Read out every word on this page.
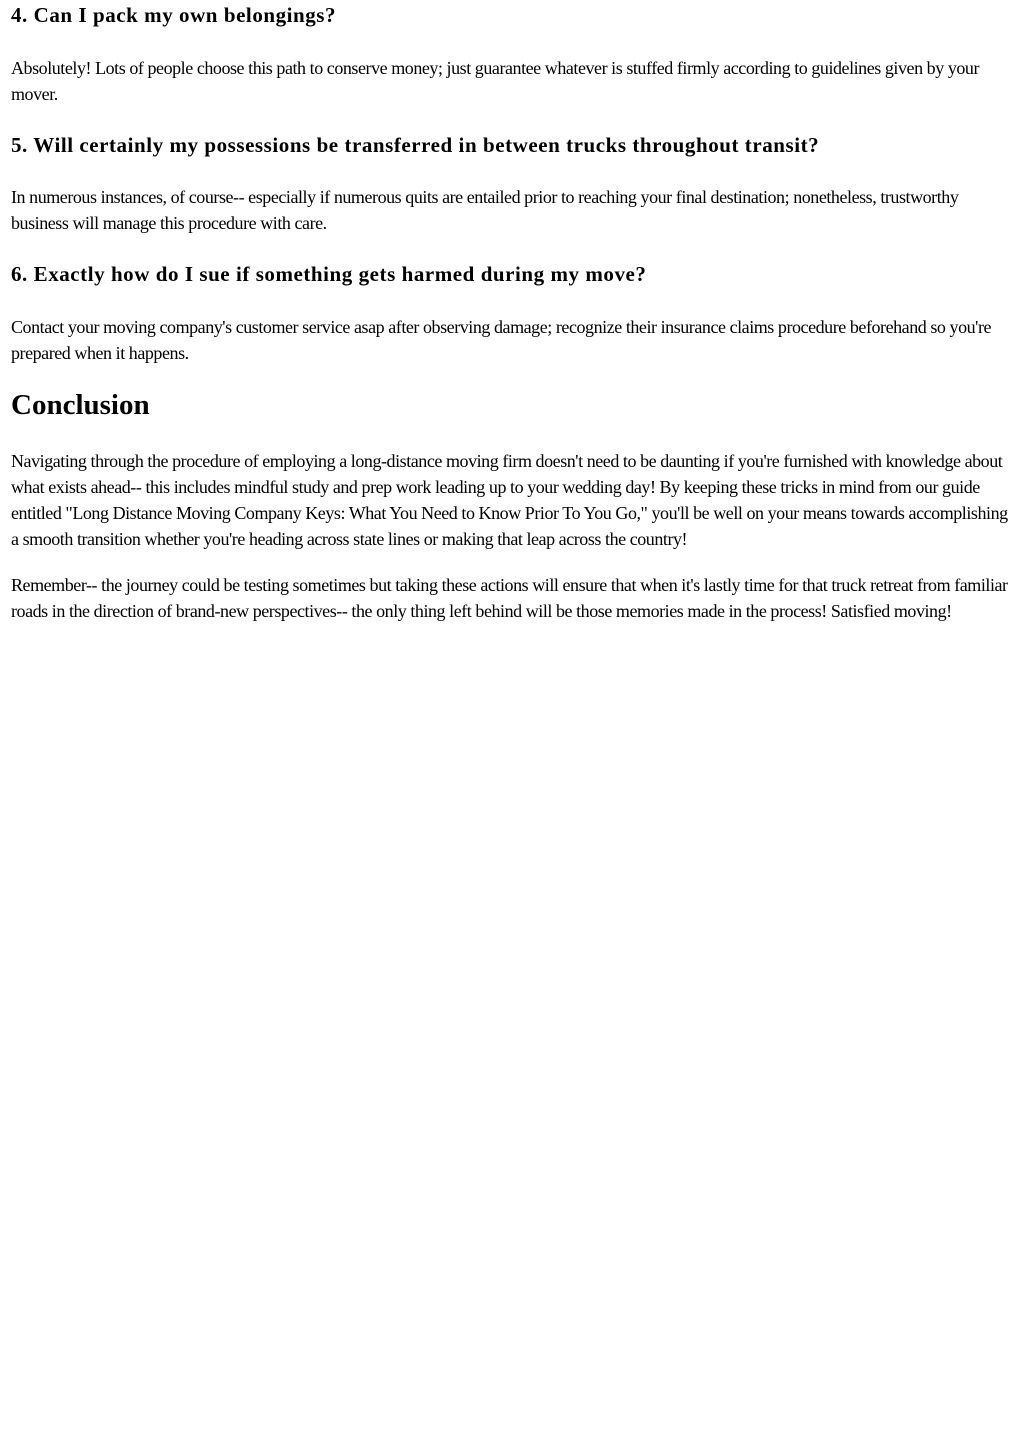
4. Can I pack my own belongings?

Absolutely! Lots of people choose this path to conserve money; just guarantee whatever is stuffed firmly according to guidelines given by your mover.

5. Will certainly my possessions be transferred in between trucks throughout transit?

In numerous instances, of course-- especially if numerous quits are entailed prior to reaching your final destination; nonetheless, trustworthy business will manage this procedure with care.

6. Exactly how do I sue if something gets harmed during my move?

Contact your moving company's customer service asap after observing damage; recognize their insurance claims procedure beforehand so you're prepared when it happens.

Conclusion

Navigating through the procedure of employing a long-distance moving firm doesn't need to be daunting if you're furnished with knowledge about what exists ahead-- this includes mindful study and prep work leading up to your wedding day! By keeping these tricks in mind from our guide entitled "Long Distance Moving Company Keys: What You Need to Know Prior To You Go," you'll be well on your means towards accomplishing a smooth transition whether you're heading across state lines or making that leap across the country!

Remember-- the journey could be testing sometimes but taking these actions will ensure that when it's lastly time for that truck retreat from familiar roads in the direction of brand-new perspectives-- the only thing left behind will be those memories made in the process! Satisfied moving!
